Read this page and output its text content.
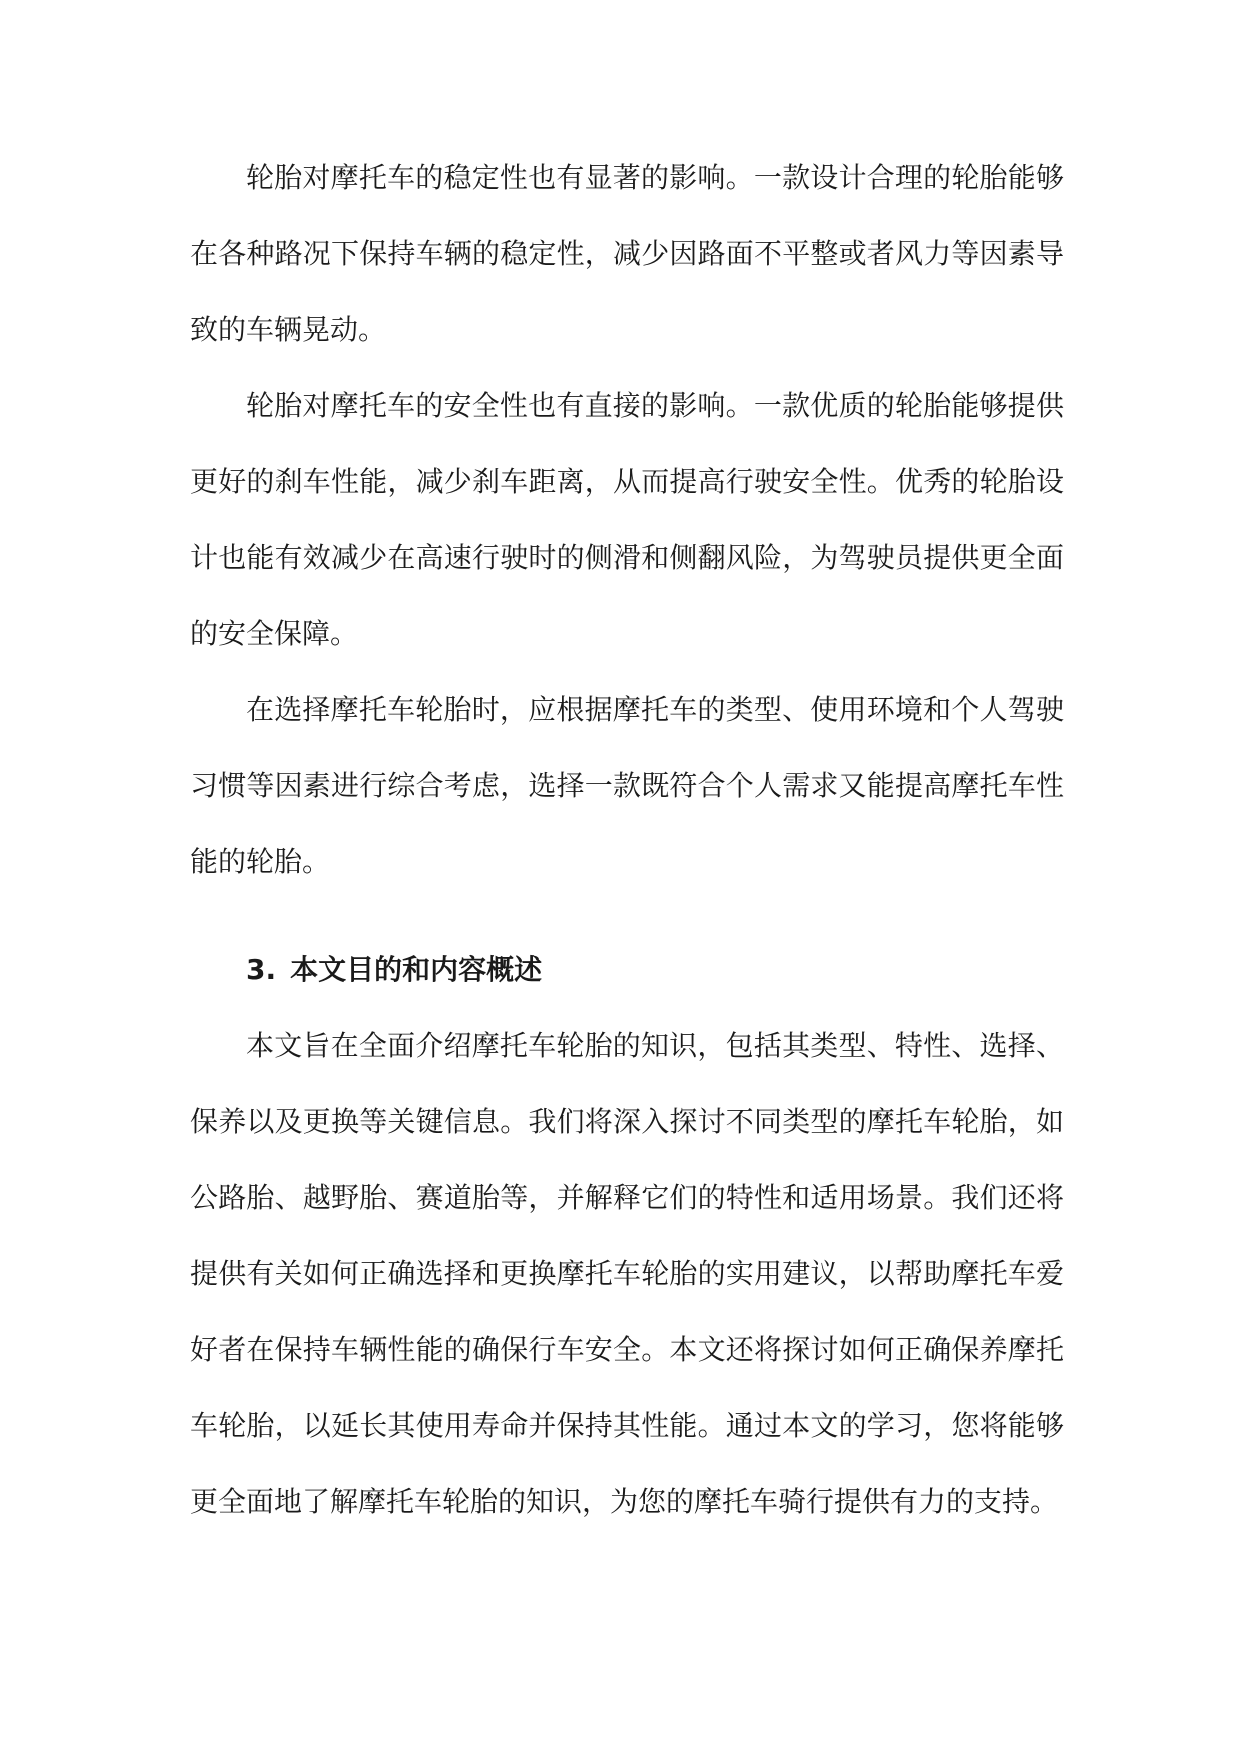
轮胎对摩托车的稳定性也有显著的影响。一款设计合理的轮胎能够在各种路况下保持车辆的稳定性，减少因路面不平整或者风力等因素导致的车辆晃动。

轮胎对摩托车的安全性也有直接的影响。一款优质的轮胎能够提供更好的刹车性能，减少刹车距离，从而提高行驶安全性。优秀的轮胎设计也能有效减少在高速行驶时的侧滑和侧翻风险，为驾驶员提供更全面的安全保障。

在选择摩托车轮胎时，应根据摩托车的类型、使用环境和个人驾驶习惯等因素进行综合考虑，选择一款既符合个人需求又能提高摩托车性能的轮胎。

3. 本文目的和内容概述

本文旨在全面介绍摩托车轮胎的知识，包括其类型、特性、选择、保养以及更换等关键信息。我们将深入探讨不同类型的摩托车轮胎，如公路胎、越野胎、赛道胎等，并解释它们的特性和适用场景。我们还将提供有关如何正确选择和更换摩托车轮胎的实用建议，以帮助摩托车爱好者在保持车辆性能的确保行车安全。本文还将探讨如何正确保养摩托车轮胎，以延长其使用寿命并保持其性能。通过本文的学习，您将能够更全面地了解摩托车轮胎的知识，为您的摩托车骑行提供有力的支持。
